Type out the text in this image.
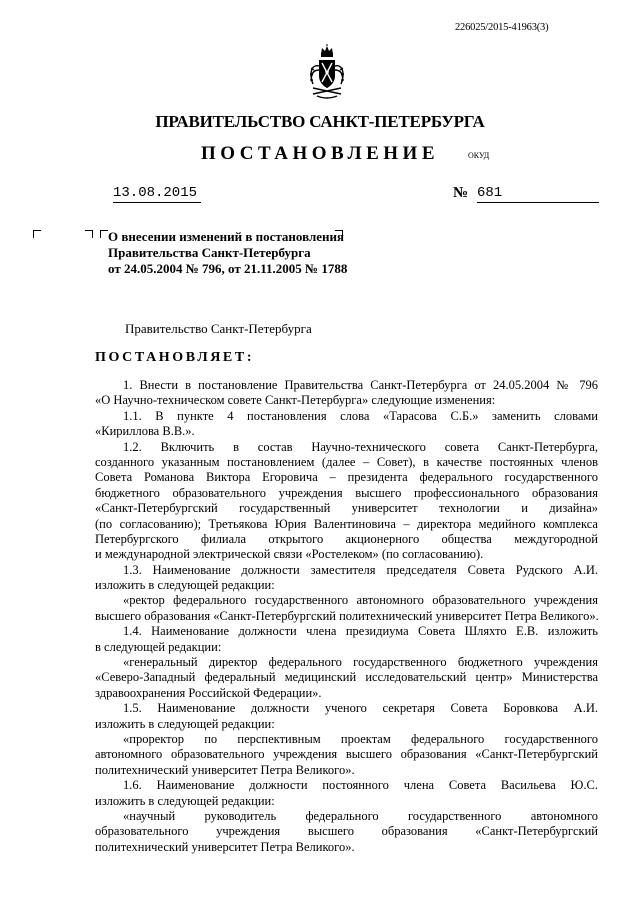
226025/2015-41963(3)
ПРАВИТЕЛЬСТВО САНКТ-ПЕТЕРБУРГА
ПОСТАНОВЛЕНИЕ	ОКУД
13.08.2015	№ 681
О внесении изменений в постановления
Правительства Санкт-Петербурга
от 24.05.2004 № 796, от 21.11.2005 № 1788
Правительство Санкт-Петербурга
ПОСТАНОВЛЯЕТ:
1. Внести в постановление Правительства Санкт-Петербурга от 24.05.2004 № 796
«О Научно-техническом совете Санкт-Петербурга» следующие изменения:
1.1. В пункте 4 постановления слова «Тарасова С.Б.» заменить словами
«Кириллова В.В.».
1.2. Включить в состав Научно-технического совета Санкт-Петербурга,
созданного указанным постановлением (далее – Совет), в качестве постоянных членов
Совета Романова Виктора Егоровича – президента федерального государственного
бюджетного образовательного учреждения высшего профессионального образования
«Санкт-Петербургский государственный университет технологии и дизайна»
(по согласованию); Третьякова Юрия Валентиновича – директора медийного комплекса
Петербургского филиала открытого акционерного общества междугородной
и международной электрической связи «Ростелеком» (по согласованию).
1.3. Наименование должности заместителя председателя Совета Рудского А.И.
изложить в следующей редакции:
«ректор федерального государственного автономного образовательного учреждения
высшего образования «Санкт-Петербургский политехнический университет Петра Великого».
1.4. Наименование должности члена президиума Совета Шляхто Е.В. изложить
в следующей редакции:
«генеральный директор федерального государственного бюджетного учреждения
«Северо-Западный федеральный медицинский исследовательский центр» Министерства
здравоохранения Российской Федерации».
1.5. Наименование должности ученого секретаря Совета Боровкова А.И.
изложить в следующей редакции:
«проректор по перспективным проектам федерального государственного
автономного образовательного учреждения высшего образования «Санкт-Петербургский
политехнический университет Петра Великого».
1.6. Наименование должности постоянного члена Совета Васильева Ю.С.
изложить в следующей редакции:
«научный руководитель федерального государственного автономного
образовательного учреждения высшего образования «Санкт-Петербургский
политехнический университет Петра Великого».
